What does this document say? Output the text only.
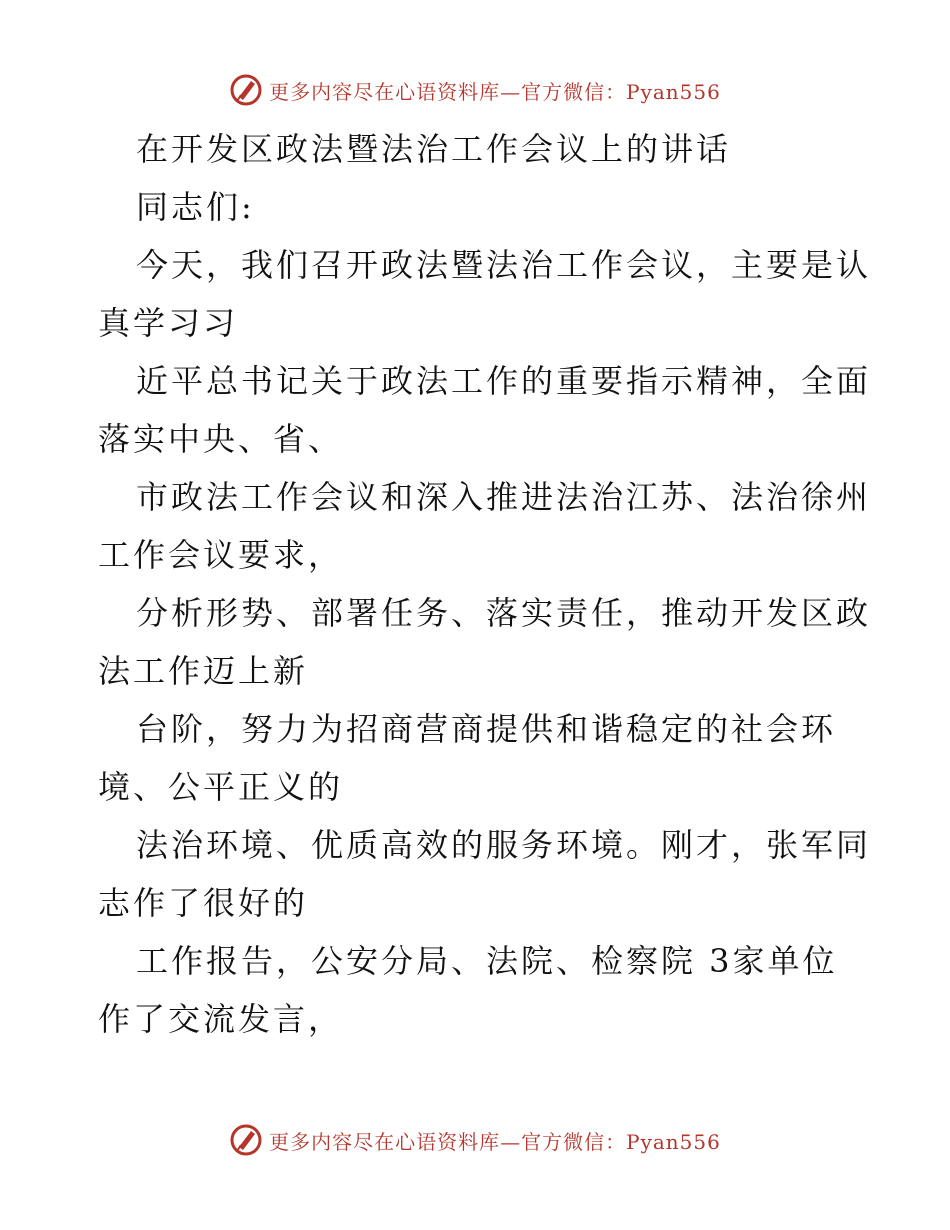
更多内容尽在心语资料库—官方微信：Pyan556

在开发区政法暨法治工作会议上的讲话

同志们:

今天，我们召开政法暨法治工作会议，主要是认

真学习习

近平总书记关于政法工作的重要指示精神，全面

落实中央、省、

市政法工作会议和深入推进法治江苏、法治徐州

工作会议要求，

分析形势、部署任务、落实责任，推动开发区政

法工作迈上新

台阶，努力为招商营商提供和谐稳定的社会环

境、公平正义的

法治环境、优质高效的服务环境。刚才，张军同

志作了很好的

工作报告，公安分局、法院、检察院 3家单位

作了交流发言，

更多内容尽在心语资料库—官方微信：Pyan556
